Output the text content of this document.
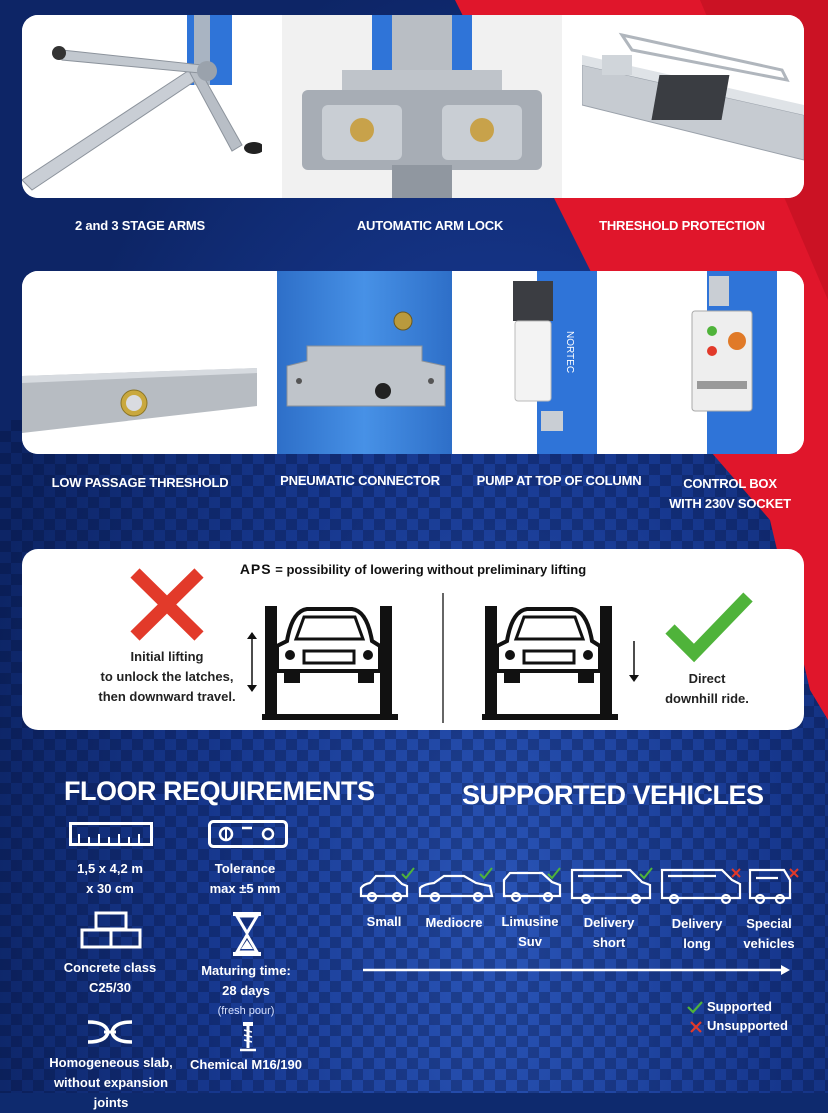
2 and 3 STAGE ARMS	AUTOMATIC ARM LOCK	THRESHOLD PROTECTION
NORTEC
LOW PASSAGE THRESHOLD	PNEUMATIC CONNECTOR	PUMP AT TOP OF COLUMN	CONTROL BOX
WITH 230V SOCKET
APS = possibility of lowering without preliminary lifting
Initial lifting
to unlock the latches,
then downward travel.
Direct
downhill ride.
FLOOR REQUIREMENTS
1,5 x 4,2 m
x 30 cm
Tolerance
max ±5 mm
Concrete class
C25/30
Maturing time:
28 days
(fresh pour)
Homogeneous slab,
without expansion joints
Chemical M16/190
SUPPORTED VEHICLES
Small	Mediocre	Limusine
Suv
Delivery
short
Delivery
long
Special
vehicles
Supported
Unsupported
